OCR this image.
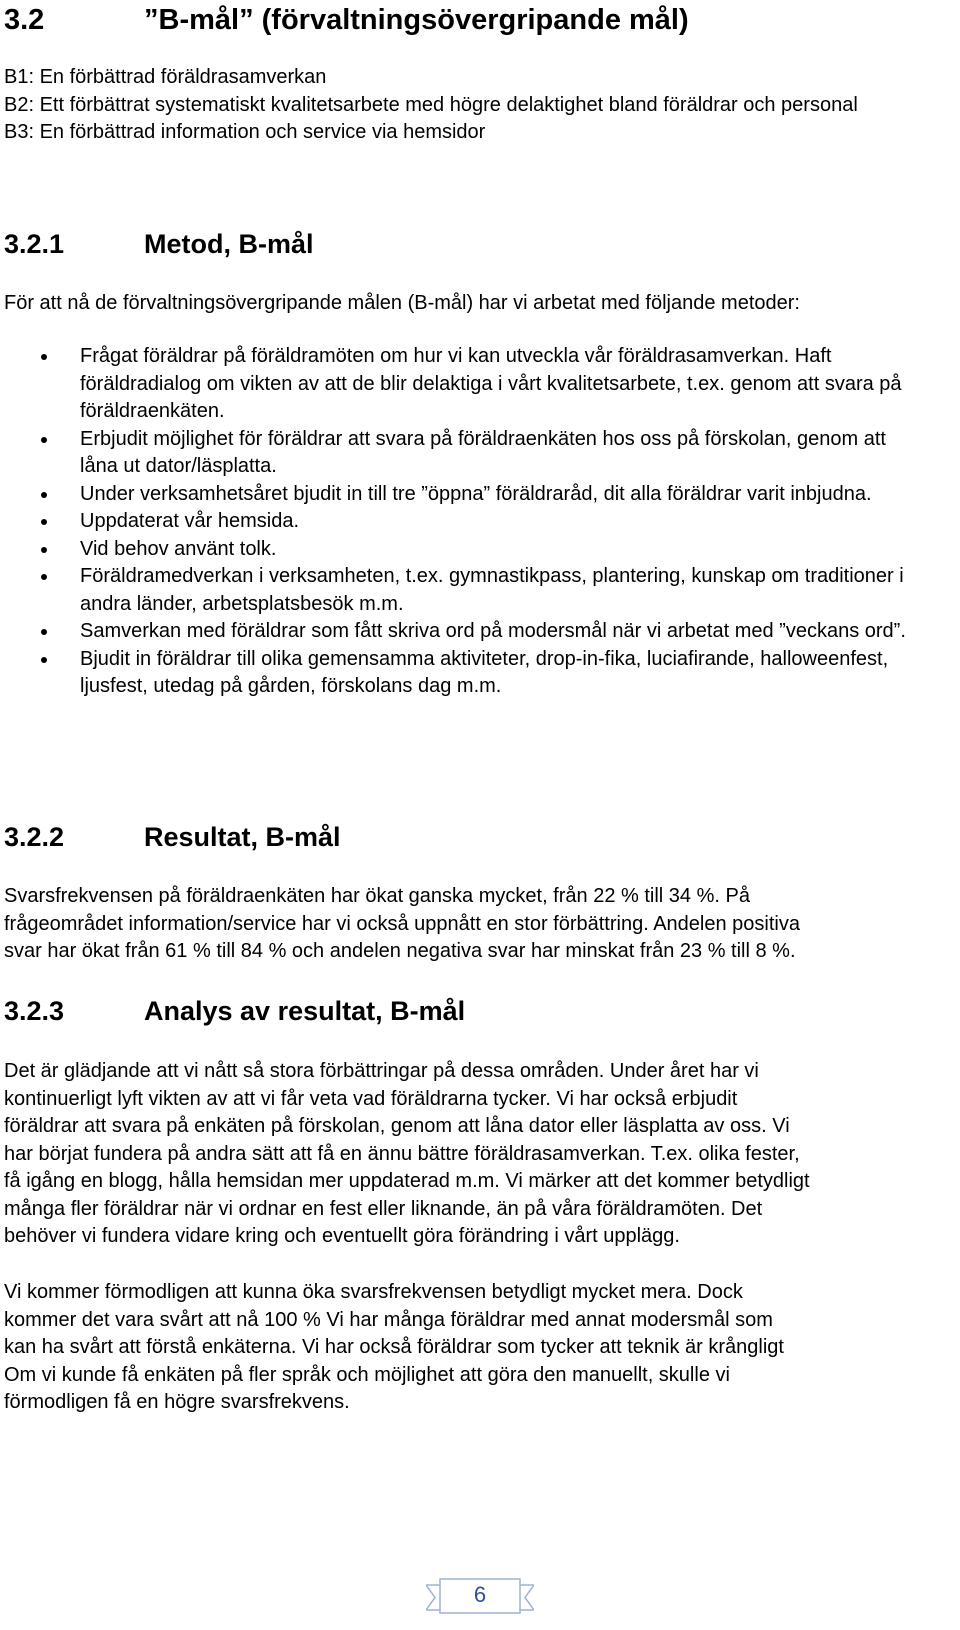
3.2	”B-mål” (förvaltningsövergripande mål)
B1: En förbättrad föräldrasamverkan
B2: Ett förbättrat systematiskt kvalitetsarbete med högre delaktighet bland föräldrar och personal
B3: En förbättrad information och service via hemsidor
3.2.1	Metod, B-mål

För att nå de förvaltningsövergripande målen (B-mål) har vi arbetat med följande metoder:

Frågat föräldrar på föräldramöten om hur vi kan utveckla vår föräldrasamverkan. Haft föräldradialog om vikten av att de blir delaktiga i vårt kvalitetsarbete, t.ex. genom att svara på föräldraenkäten.
Erbjudit möjlighet för föräldrar att svara på föräldraenkäten hos oss på förskolan, genom att låna ut dator/läsplatta.
Under verksamhetsåret bjudit in till tre ”öppna” föräldraråd, dit alla föräldrar varit inbjudna.
Uppdaterat vår hemsida.
Vid behov använt tolk.
Föräldramedverkan i verksamheten, t.ex. gymnastikpass, plantering, kunskap om traditioner i andra länder, arbetsplatsbesök m.m.
Samverkan med föräldrar som fått skriva ord på modersmål när vi arbetat med ”veckans ord”.
Bjudit in föräldrar till olika gemensamma aktiviteter, drop-in-fika, luciafirande, halloweenfest, ljusfest, utedag på gården, förskolans dag m.m.
3.2.2	Resultat, B-mål
Svarsfrekvensen på föräldraenkäten har ökat ganska mycket, från 22 % till 34 %. På
frågeområdet information/service har vi också uppnått en stor förbättring. Andelen positiva
svar har ökat från 61 % till 84 % och andelen negativa svar har minskat från 23 % till 8 %.
3.2.3	Analys av resultat, B-mål
Det är glädjande att vi nått så stora förbättringar på dessa områden. Under året har vi
kontinuerligt lyft vikten av att vi får veta vad föräldrarna tycker. Vi har också erbjudit
föräldrar att svara på enkäten på förskolan, genom att låna dator eller läsplatta av oss. Vi
har börjat fundera på andra sätt att få en ännu bättre föräldrasamverkan. T.ex. olika fester,
få igång en blogg, hålla hemsidan mer uppdaterad m.m. Vi märker att det kommer betydligt
många fler föräldrar när vi ordnar en fest eller liknande, än på våra föräldramöten. Det
behöver vi fundera vidare kring och eventuellt göra förändring i vårt upplägg.
Vi kommer förmodligen att kunna öka svarsfrekvensen betydligt mycket mera. Dock
kommer det vara svårt att nå 100 % Vi har många föräldrar med annat modersmål som
kan ha svårt att förstå enkäterna. Vi har också föräldrar som tycker att teknik är krångligt
Om vi kunde få enkäten på fler språk och möjlighet att göra den manuellt, skulle vi
förmodligen få en högre svarsfrekvens.
6
